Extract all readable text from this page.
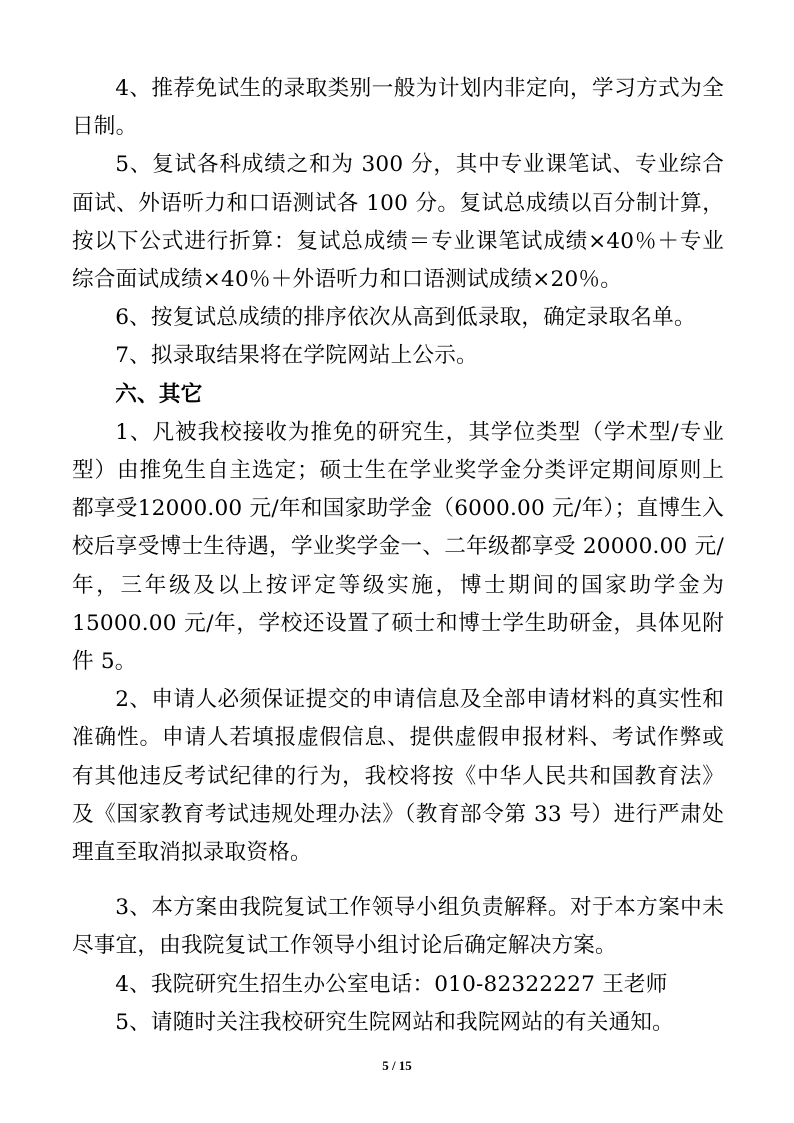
4、推荐免试生的录取类别一般为计划内非定向，学习方式为全日制。

5、复试各科成绩之和为 300 分，其中专业课笔试、专业综合面试、外语听力和口语测试各 100 分。复试总成绩以百分制计算，按以下公式进行折算：复试总成绩＝专业课笔试成绩×40％＋专业综合面试成绩×40％＋外语听力和口语测试成绩×20％。

6、按复试总成绩的排序依次从高到低录取，确定录取名单。

7、拟录取结果将在学院网站上公示。

六、其它

1、凡被我校接收为推免的研究生，其学位类型（学术型/专业型）由推免生自主选定；硕士生在学业奖学金分类评定期间原则上都享受12000.00 元/年和国家助学金（6000.00 元/年）；直博生入校后享受博士生待遇，学业奖学金一、二年级都享受 20000.00 元/年，三年级及以上按评定等级实施，博士期间的国家助学金为 15000.00 元/年，学校还设置了硕士和博士学生助研金，具体见附件 5。

2、申请人必须保证提交的申请信息及全部申请材料的真实性和准确性。申请人若填报虚假信息、提供虚假申报材料、考试作弊或有其他违反考试纪律的行为，我校将按《中华人民共和国教育法》及《国家教育考试违规处理办法》（教育部令第 33 号）进行严肃处理直至取消拟录取资格。

3、本方案由我院复试工作领导小组负责解释。对于本方案中未尽事宜，由我院复试工作领导小组讨论后确定解决方案。

4、我院研究生招生办公室电话：010-82322227 王老师

5、请随时关注我校研究生院网站和我院网站的有关通知。

5 / 15
